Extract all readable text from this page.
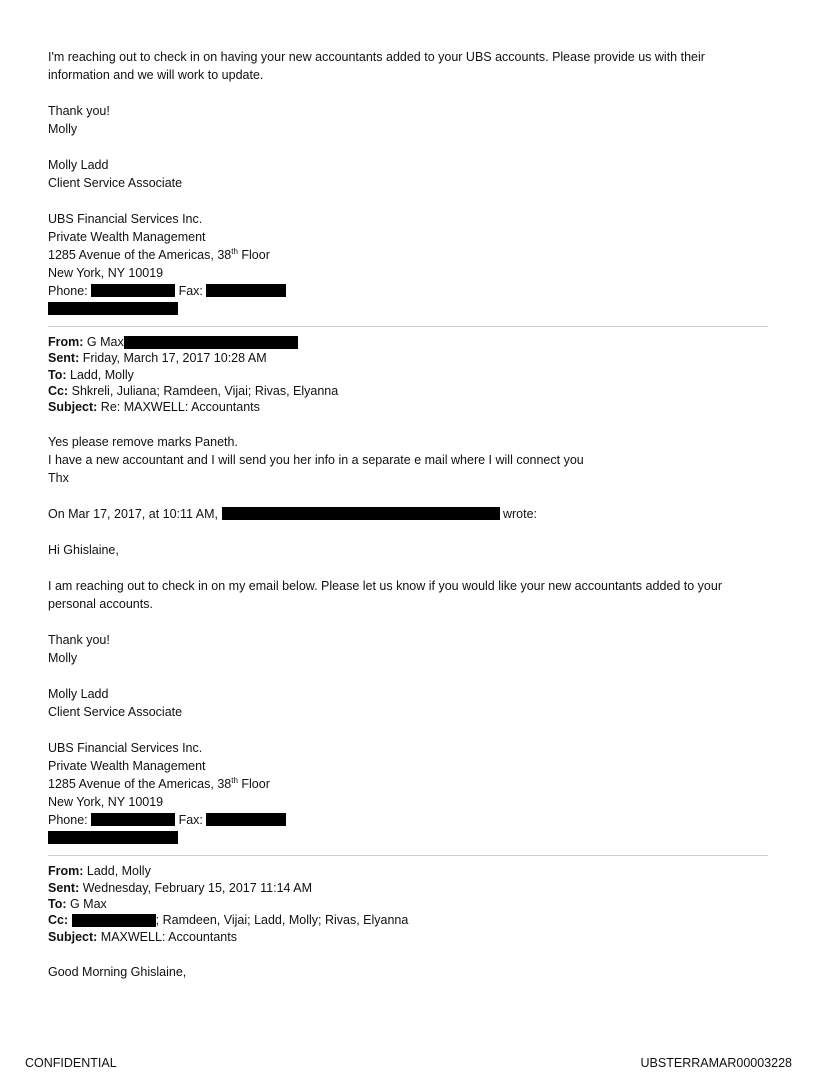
I'm reaching out to check in on having your new accountants added to your UBS accounts. Please provide us with their information and we will work to update.

Thank you!

Molly

Molly Ladd

Client Service Associate

UBS Financial Services Inc.

Private Wealth Management

1285 Avenue of the Americas, 38th Floor

New York, NY 10019

Phone:	Fax:

From: G Max
Sent: Friday, March 17, 2017 10:28 AM
To: Ladd, Molly
Cc: Shkreli, Juliana; Ramdeen, Vijai; Rivas, Elyanna
Subject: Re: MAXWELL: Accountants

Yes please remove marks Paneth.

I have a new accountant and I will send you her info in a separate e mail where I will connect you

Thx

On Mar 17, 2017, at 10:11 AM,	wrote:

Hi Ghislaine,

I am reaching out to check in on my email below. Please let us know if you would like your new accountants added to your personal accounts.

Thank you!

Molly

Molly Ladd

Client Service Associate

UBS Financial Services Inc.

Private Wealth Management

1285 Avenue of the Americas, 38th Floor

New York, NY 10019

Phone:	Fax:

From: Ladd, Molly
Sent: Wednesday, February 15, 2017 11:14 AM
To: G Max
Cc:	; Ramdeen, Vijai; Ladd, Molly; Rivas, Elyanna
Subject: MAXWELL: Accountants

Good Morning Ghislaine,

CONFIDENTIAL	UBSTERRAMAR00003228
